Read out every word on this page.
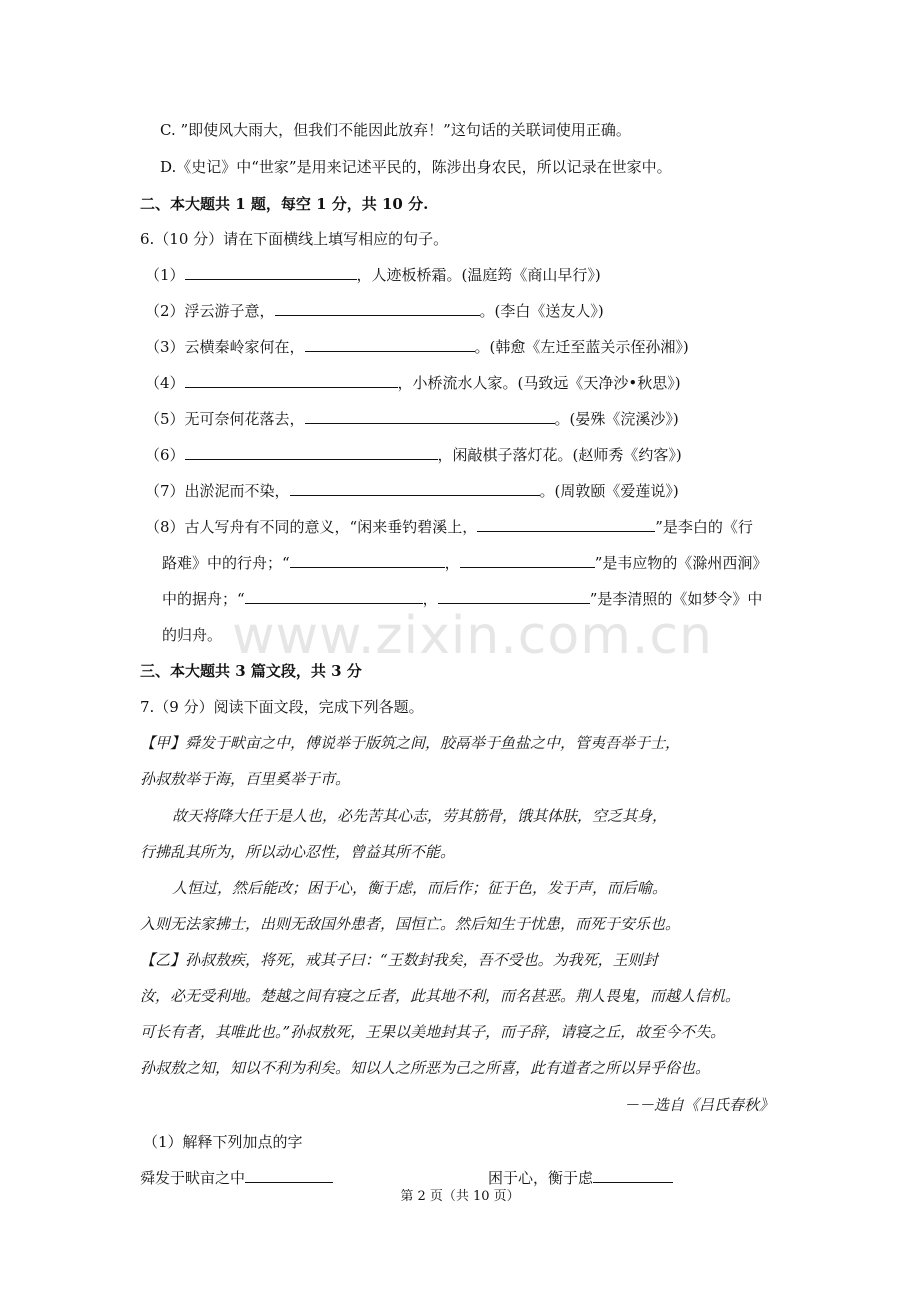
www.zixin.com.cn
C. ”即使风大雨大，但我们不能因此放弃！”这句话的关联词使用正确。
D.《史记》中“世家”是用来记述平民的，陈涉出身农民，所以记录在世家中。
二、本大题共 1 题，每空 1 分，共 10 分.
6.（10 分）请在下面横线上填写相应的句子。
（1）	，人迹板桥霜。(温庭筠《商山早行》)
（2）浮云游子意，	。(李白《送友人》)
（3）云横秦岭家何在，	。(韩愈《左迁至蓝关示侄孙湘》)
（4）	，小桥流水人家。(马致远《天净沙•秋思》)
（5）无可奈何花落去，	。(晏殊《浣溪沙》)
（6）	，闲敲棋子落灯花。(赵师秀《约客》)
（7）出淤泥而不染，	。(周敦颐《爱莲说》)
（8）古人写舟有不同的意义，“闲来垂钓碧溪上，	”是李白的《行
路难》中的行舟；“	，	”是韦应物的《滁州西涧》
中的据舟；“	，	”是李清照的《如梦令》中
的归舟。
三、本大题共 3 篇文段，共 3 分
7.（9 分）阅读下面文段，完成下列各题。
【甲】舜发于畎亩之中，傅说举于版筑之间，胶鬲举于鱼盐之中，管夷吾举于士，
孙叔敖举于海，百里奚举于市。
故天将降大任于是人也，必先苦其心志，劳其筋骨，饿其体肤，空乏其身，
行拂乱其所为，所以动心忍性，曾益其所不能。
人恒过，然后能改；困于心，衡于虑，而后作；征于色，发于声，而后喻。
入则无法家拂士，出则无敌国外患者，国恒亡。然后知生于忧患，而死于安乐也。
【乙】孙叔敖疾，将死，戒其子曰：“王数封我矣，吾不受也。为我死，王则封
汝，必无受利地。楚越之间有寝之丘者，此其地不利，而名甚恶。荆人畏鬼，而越人信机。
可长有者，其唯此也。”孙叔敖死，王果以美地封其子，而子辞，请寝之丘，故至今不失。
孙叔敖之知，知以不利为利矣。知以人之所恶为己之所喜，此有道者之所以异乎俗也。
－－选自《吕氏春秋》
（1）解释下列加点的字
舜发于畎亩之中	困于心，衡于虑
第 2 页（共 10 页）
